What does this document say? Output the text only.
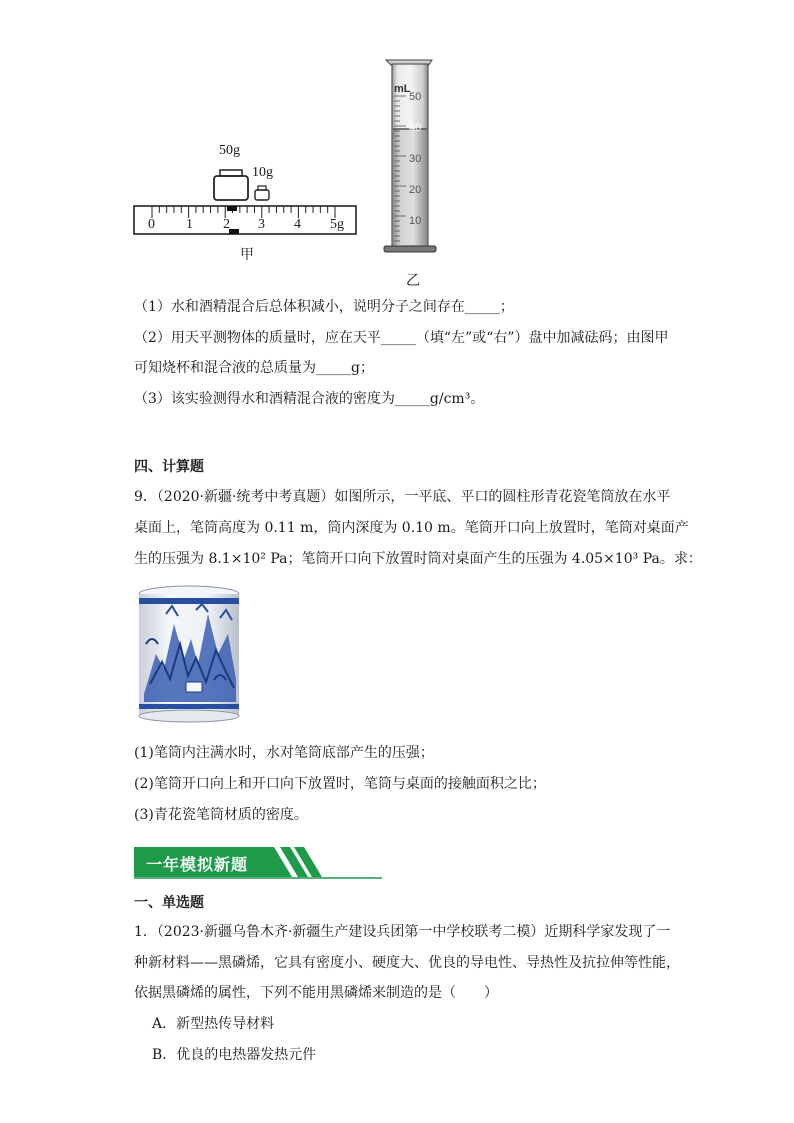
50g
10g
0 1 2 3 4 5g
甲
mL
50
40
30
20
10
乙
（1）水和酒精混合后总体积减小，说明分子之间存在_____；
（2）用天平测物体的质量时，应在天平_____（填“左”或“右”）盘中加减砝码；由图甲
可知烧杯和混合液的总质量为_____g；
（3）该实验测得水和酒精混合液的密度为_____g/cm³。
四、计算题
9．（2020·新疆·统考中考真题）如图所示，一平底、平口的圆柱形青花瓷笔筒放在水平
桌面上，笔筒高度为 0.11 m，筒内深度为 0.10 m。笔筒开口向上放置时，笔筒对桌面产
生的压强为 8.1×10² Pa；笔筒开口向下放置时筒对桌面产生的压强为 4.05×10³ Pa。求：
(1)笔筒内注满水时，水对笔筒底部产生的压强；
(2)笔筒开口向上和开口向下放置时，笔筒与桌面的接触面积之比；
(3)青花瓷笔筒材质的密度。
一年模拟新题
一、单选题
1．（2023·新疆乌鲁木齐·新疆生产建设兵团第一中学校联考二模）近期科学家发现了一
种新材料——黑磷烯，它具有密度小、硬度大、优良的导电性、导热性及抗拉伸等性能，
依据黑磷烯的属性，下列不能用黑磷烯来制造的是（　　）
A．新型热传导材料
B．优良的电热器发热元件
